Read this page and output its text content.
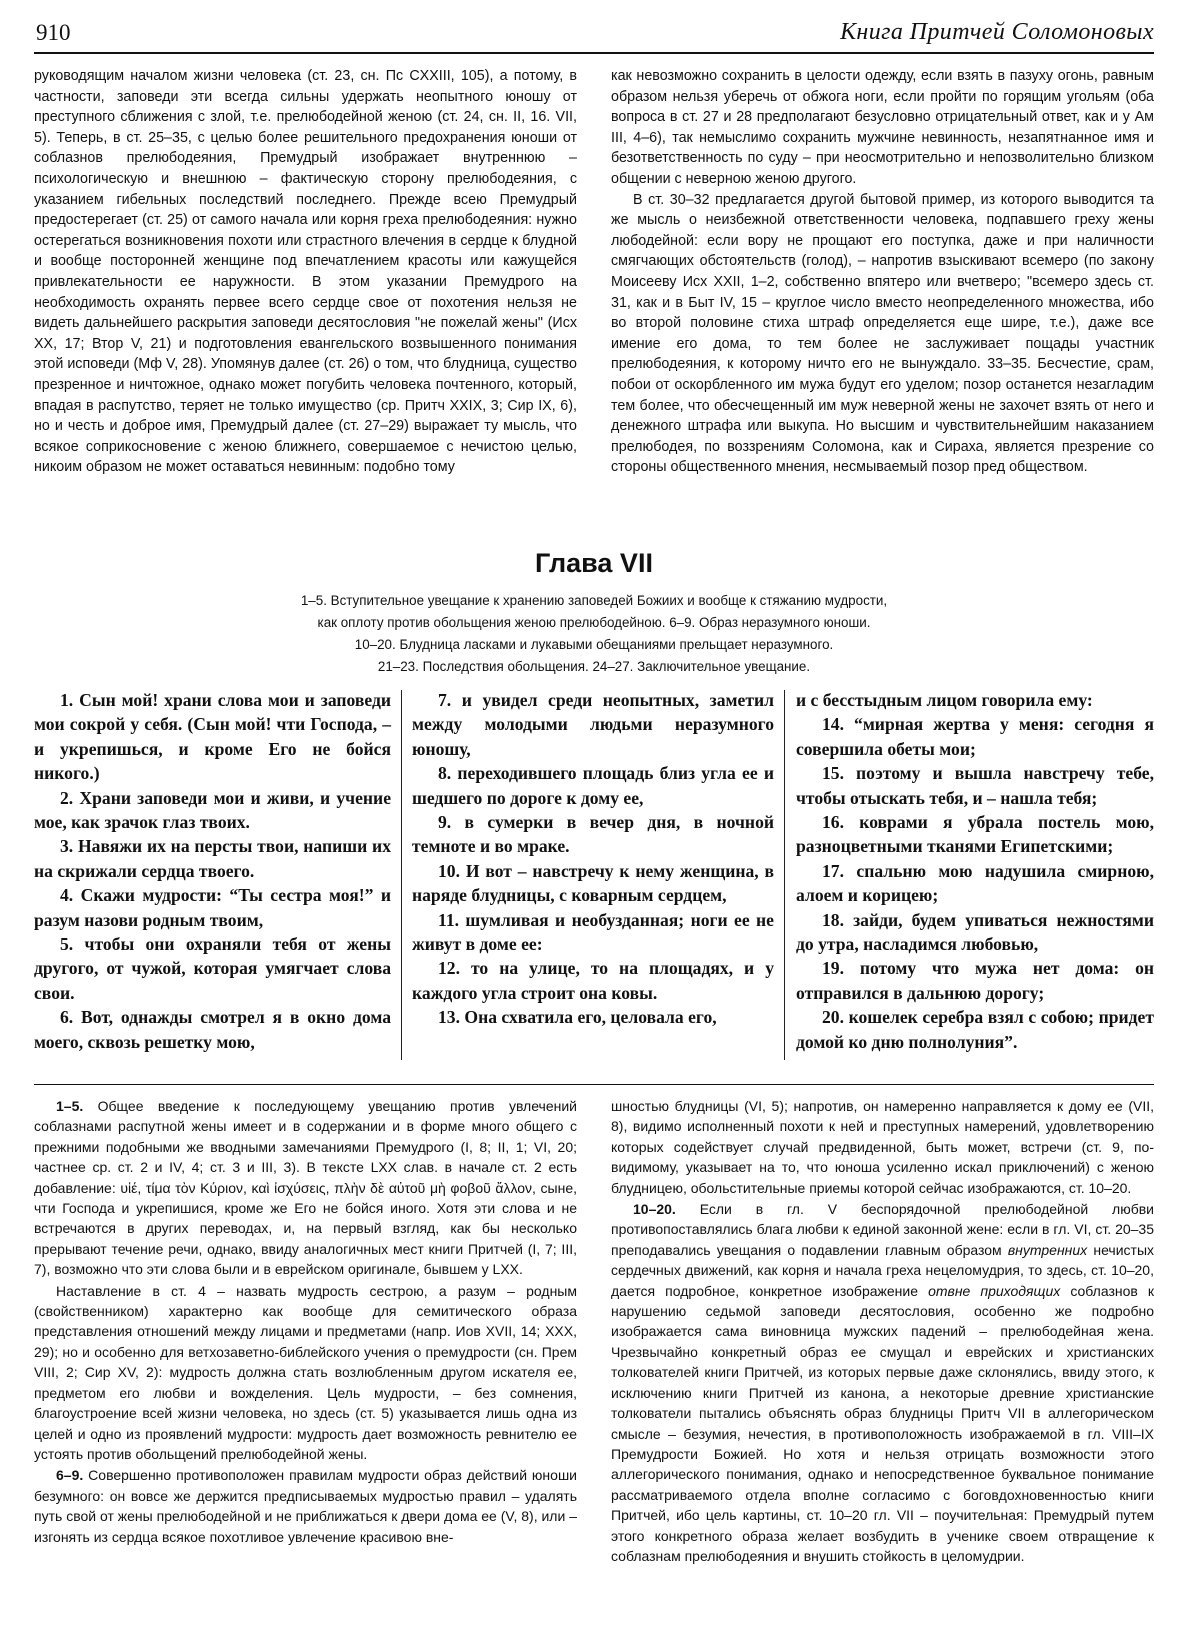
910	Книга Притчей Соломоновых

руководящим началом жизни человека (ст. 23, сн. Пс CXXIII, 105), а потому, в частности, заповеди эти всегда сильны удержать неопытного юношу от преступного сближения с злой, т.е. прелюбодейной женою (ст. 24, сн. II, 16. VII, 5). Теперь, в ст. 25–35, с целью более решительного предохранения юноши от соблазнов прелюбодеяния, Премудрый изображает внутреннюю – психологическую и внешнюю – фактическую сторону прелюбодеяния, с указанием гибельных последствий последнего. Прежде всею Премудрый предостерегает (ст. 25) от самого начала или корня греха прелюбодеяния: нужно остерегаться возникновения похоти или страстного влечения в сердце к блудной и вообще посторонней женщине под впечатлением красоты или кажущейся привлекательности ее наружности. В этом указании Премудрого на необходимость охранять первее всего сердце свое от похотения нельзя не видеть дальнейшего раскрытия заповеди десятословия "не пожелай жены" (Исх XX, 17; Втор V, 21) и подготовления евангельского возвышенного понимания этой исповеди (Мф V, 28). Упомянув далее (ст. 26) о том, что блудница, существо презренное и ничтожное, однако может погубить человека почтенного, который, впадая в распутство, теряет не только имущество (ср. Притч XXIX, 3; Сир IX, 6), но и честь и доброе имя, Премудрый далее (ст. 27–29) выражает ту мысль, что всякое соприкосновение с женою ближнего, совершаемое с нечистою целью, никоим образом не может оставаться невинным: подобно тому

как невозможно сохранить в целости одежду, если взять в пазуху огонь, равным образом нельзя уберечь от обжога ноги, если пройти по горящим угольям (оба вопроса в ст. 27 и 28 предполагают безусловно отрицательный ответ, как и у Ам III, 4–6), так немыслимо сохранить мужчине невинность, незапятнанное имя и безответственность по суду – при неосмотрительно и непозволительно близком общении с неверною женою другого.

В ст. 30–32 предлагается другой бытовой пример, из которого выводится та же мысль о неизбежной ответственности человека, подпавшего греху жены любодейной: если вору не прощают его поступка, даже и при наличности смягчающих обстоятельств (голод), – напротив взыскивают всемеро (по закону Моисееву Исх XXII, 1–2, собственно впятеро или вчетверо; "всемеро здесь ст. 31, как и в Быт IV, 15 – круглое число вместо неопределенного множества, ибо во второй половине стиха штраф определяется еще шире, т.е.), даже все имение его дома, то тем более не заслуживает пощады участник прелюбодеяния, к которому ничто его не вынуждало. 33–35. Бесчестие, срам, побои от оскорбленного им мужа будут его уделом; позор останется незагладим тем более, что обесчещенный им муж неверной жены не захочет взять от него и денежного штрафа или выкупа. Но высшим и чувствительнейшим наказанием прелюбодея, по воззрениям Соломона, как и Сираха, является презрение со стороны общественного мнения, несмываемый позор пред обществом.

Глава VII
1–5. Вступительное увещание к хранению заповедей Божиих и вообще к стяжанию мудрости,
как оплоту против обольщения женою прелюбодейною. 6–9. Образ неразумного юноши.
10–20. Блудница ласками и лукавыми обещаниями прельщает неразумного.
21–23. Последствия обольщения. 24–27. Заключительное увещание.

1. Сын мой! храни слова мои и заповеди мои сокрой у себя. (Сын мой! чти Господа, – и укрепишься, и кроме Его не бойся никого.)

2. Храни заповеди мои и живи, и учение мое, как зрачок глаз твоих.

3. Навяжи их на персты твои, напиши их на скрижали сердца твоего.

4. Скажи мудрости: “Ты сестра моя!” и разум назови родным твоим,

5. чтобы они охраняли тебя от жены другого, от чужой, которая умягчает слова свои.

6. Вот, однажды смотрел я в окно дома моего, сквозь решетку мою,

7. и увидел среди неопытных, заметил между молодыми людьми неразумного юношу,

8. переходившего площадь близ угла ее и шедшего по дороге к дому ее,

9. в сумерки в вечер дня, в ночной темноте и во мраке.

10. И вот – навстречу к нему женщина, в наряде блудницы, с коварным сердцем,

11. шумливая и необузданная; ноги ее не живут в доме ее:

12. то на улице, то на площадях, и у каждого угла строит она ковы.

13. Она схватила его, целовала его,

и с бесстыдным лицом говорила ему:

14. “мирная жертва у меня: сегодня я совершила обеты мои;

15. поэтому и вышла навстречу тебе, чтобы отыскать тебя, и – нашла тебя;

16. коврами я убрала постель мою, разноцветными тканями Египетскими;

17. спальню мою надушила смирною, алоем и корицею;

18. зайди, будем упиваться нежностями до утра, насладимся любовью,

19. потому что мужа нет дома: он отправился в дальнюю дорогу;

20. кошелек серебра взял с собою; придет домой ко дню полнолуния”.

1–5. Общее введение к последующему увещанию против увлечений соблазнами распутной жены имеет и в содержании и в форме много общего с прежними подобными же вводными замечаниями Премудрого (I, 8; II, 1; VI, 20; частнее ср. ст. 2 и IV, 4; ст. 3 и III, 3). В тексте LXX слав. в начале ст. 2 есть добавление: υἱέ, τίμα τὸν Κύριον, καὶ ἰσχύσεις, πλὴν δὲ αὐτοῦ μὴ φοβοῦ ἄλλον, сыне, чти Господа и укрепишися, кроме же Его не бойся иного. Хотя эти слова и не встречаются в других переводах, и, на первый взгляд, как бы несколько прерывают течение речи, однако, ввиду аналогичных мест книги Притчей (I, 7; III, 7), возможно что эти слова были и в еврейском оригинале, бывшем у LXX.

Наставление в ст. 4 – назвать мудрость сестрою, а разум – родным (свойственником) характерно как вообще для семитического образа представления отношений между лицами и предметами (напр. Иов XVII, 14; XXX, 29); но и особенно для ветхозаветно-библейского учения о премудрости (сн. Прем VIII, 2; Сир XV, 2): мудрость должна стать возлюбленным другом искателя ее, предметом его любви и вожделения. Цель мудрости, – без сомнения, благоустроение всей жизни человека, но здесь (ст. 5) указывается лишь одна из целей и одно из проявлений мудрости: мудрость дает возможность ревнителю ее устоять против обольщений прелюбодейной жены.

6–9. Совершенно противоположен правилам мудрости образ действий юноши безумного: он вовсе же держится предписываемых мудростью правил – удалять путь свой от жены прелюбодейной и не приближаться к двери дома ее (V, 8), или – изгонять из сердца всякое похотливое увлечение красивою вне-

шностью блудницы (VI, 5); напротив, он намеренно направляется к дому ее (VII, 8), видимо исполненный похоти к ней и преступных намерений, удовлетворению которых содействует случай предвиденной, быть может, встречи (ст. 9, по-видимому, указывает на то, что юноша усиленно искал приключений) с женою блудницею, обольстительные приемы которой сейчас изображаются, ст. 10–20.

10–20. Если в гл. V беспорядочной прелюбодейной любви противопоставлялись блага любви к единой законной жене: если в гл. VI, ст. 20–35 преподавались увещания о подавлении главным образом внутренних нечистых сердечных движений, как корня и начала греха нецеломудрия, то здесь, ст. 10–20, дается подробное, конкретное изображение отвне приходящих соблазнов к нарушению седьмой заповеди десятословия, особенно же подробно изображается сама виновница мужских падений – прелюбодейная жена. Чрезвычайно конкретный образ ее смущал и еврейских и христианских толкователей книги Притчей, из которых первые даже склонялись, ввиду этого, к исключению книги Притчей из канона, а некоторые древние христианские толкователи пытались объяснять образ блудницы Притч VII в аллегорическом смысле – безумия, нечестия, в противоположность изображаемой в гл. VIII–IX Премудрости Божией. Но хотя и нельзя отрицать возможности этого аллегорического понимания, однако и непосредственное буквальное понимание рассматриваемого отдела вполне согласимо с боговдохновенностью книги Притчей, ибо цель картины, ст. 10–20 гл. VII – поучительная: Премудрый путем этого конкретного образа желает возбудить в ученике своем отвращение к соблазнам прелюбодеяния и внушить стойкость в целомудрии.
